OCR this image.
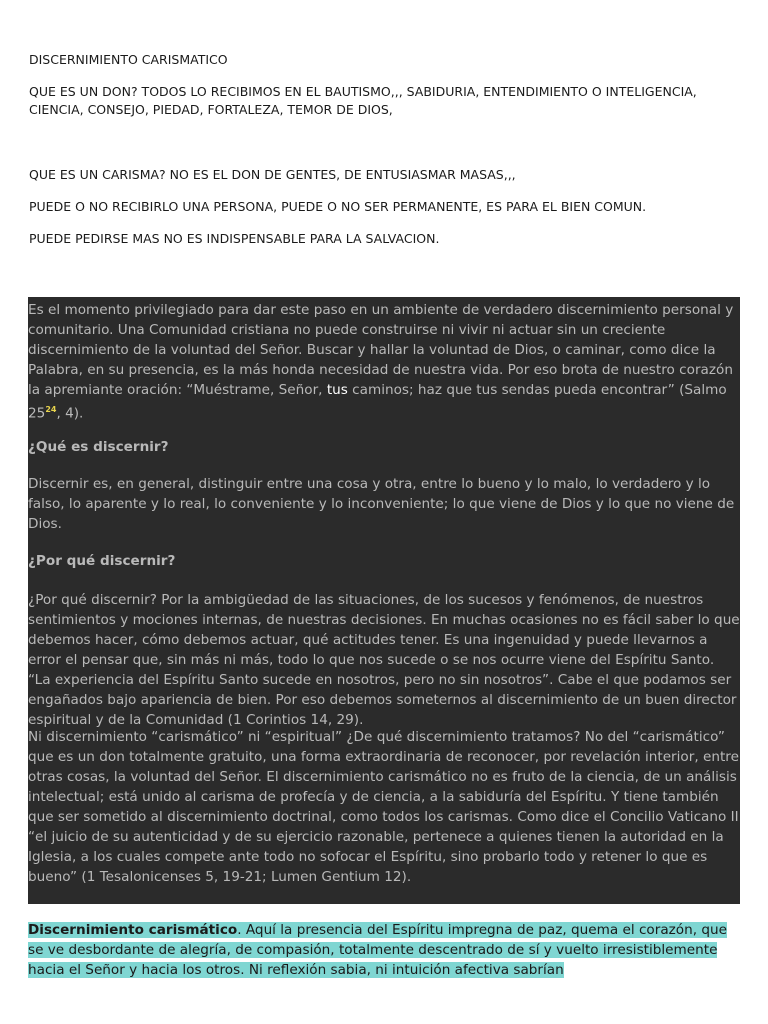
DISCERNIMIENTO CARISMATICO
QUE ES UN DON? TODOS LO RECIBIMOS EN EL BAUTISMO,,, SABIDURIA, ENTENDIMIENTO O INTELIGENCIA, CIENCIA, CONSEJO, PIEDAD, FORTALEZA, TEMOR DE DIOS,
QUE ES UN CARISMA? NO ES EL DON DE GENTES, DE ENTUSIASMAR MASAS,,,
PUEDE O NO RECIBIRLO UNA PERSONA, PUEDE O NO SER PERMANENTE, ES PARA EL BIEN COMUN.
PUEDE PEDIRSE MAS NO ES INDISPENSABLE PARA LA SALVACION.

Es el momento privilegiado para dar este paso en un ambiente de verdadero discernimiento personal y comunitario. Una Comunidad cristiana no puede construirse ni vivir ni actuar sin un creciente discernimiento de la voluntad del Señor. Buscar y hallar la voluntad de Dios, o caminar, como dice la Palabra, en su presencia, es la más honda necesidad de nuestra vida. Por eso brota de nuestro corazón la apremiante oración: “Muéstrame, Señor, tus caminos; haz que tus sendas pueda encontrar” (Salmo $25^{24}$, 4).

¿Qué es discernir?

Discernir es, en general, distinguir entre una cosa y otra, entre lo bueno y lo malo, lo verdadero y lo falso, lo aparente y lo real, lo conveniente y lo inconveniente; lo que viene de Dios y lo que no viene de Dios.

¿Por qué discernir?

¿Por qué discernir? Por la ambigüedad de las situaciones, de los sucesos y fenómenos, de nuestros sentimientos y mociones internas, de nuestras decisiones. En muchas ocasiones no es fácil saber lo que debemos hacer, cómo debemos actuar, qué actitudes tener. Es una ingenuidad y puede llevarnos a error el pensar que, sin más ni más, todo lo que nos sucede o se nos ocurre viene del Espíritu Santo. “La experiencia del Espíritu Santo sucede en nosotros, pero no sin nosotros”. Cabe el que podamos ser engañados bajo apariencia de bien. Por eso debemos someternos al discernimiento de un buen director espiritual y de la Comunidad (1 Corintios 14, 29).

Ni discernimiento “carismático” ni “espiritual” ¿De qué discernimiento tratamos? No del “carismático” que es un don totalmente gratuito, una forma extraordinaria de reconocer, por revelación interior, entre otras cosas, la voluntad del Señor. El discernimiento carismático no es fruto de la ciencia, de un análisis intelectual; está unido al carisma de profecía y de ciencia, a la sabiduría del Espíritu. Y tiene también que ser sometido al discernimiento doctrinal, como todos los carismas. Como dice el Concilio Vaticano II “el juicio de su autenticidad y de su ejercicio razonable, pertenece a quienes tienen la autoridad en la Iglesia, a los cuales compete ante todo no sofocar el Espíritu, sino probarlo todo y retener lo que es bueno” (1 Tesalonicenses 5, 19-21; Lumen Gentium 12).

Discernimiento carismático. Aquí la presencia del Espíritu impregna de paz, quema el corazón, que se ve desbordante de alegría, de compasión, totalmente descentrado de sí y vuelto irresistiblemente hacia el Señor y hacia los otros. Ni reflexión sabia, ni intuición afectiva sabrían
